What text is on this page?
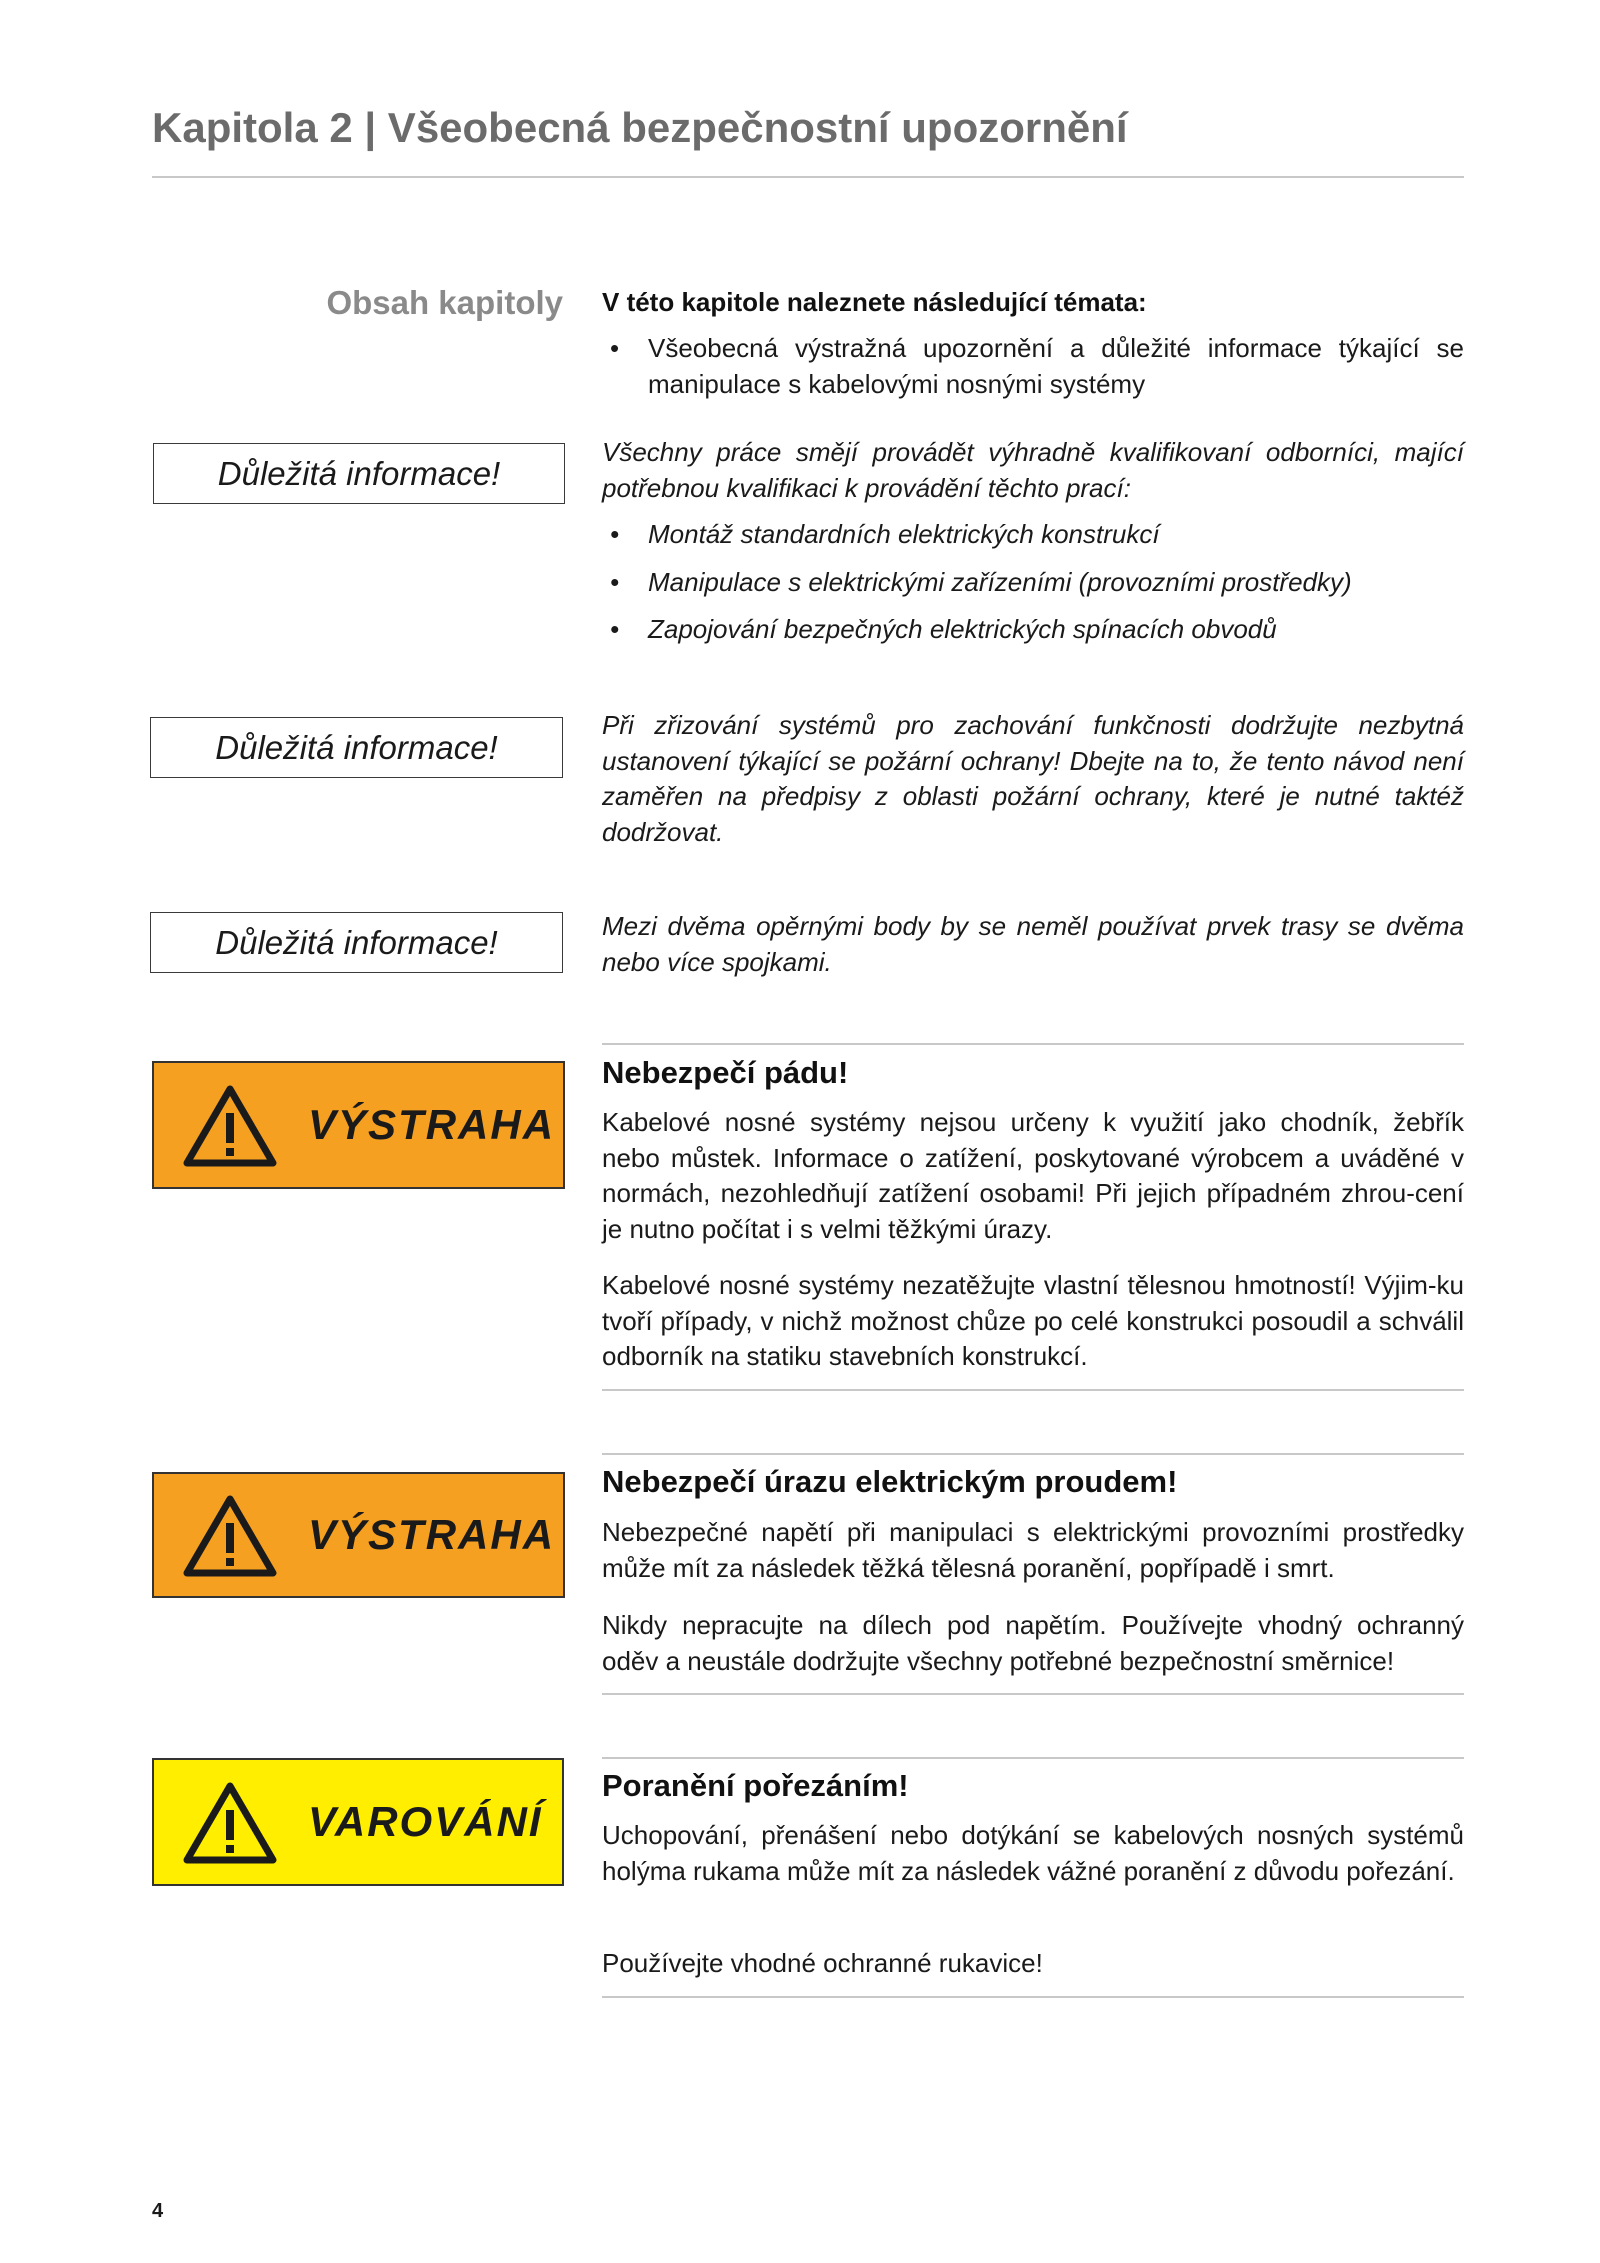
Kapitola 2 | Všeobecná bezpečnostní upozornění
Obsah kapitoly V této kapitole naleznete následující témata:
• Všeobecná výstražná upozornění a důležité informace týkající se manipulace s kabelovými nosnými systémy
Důležitá informace!
Všechny práce smějí provádět výhradně kvalifikovaní odborníci, mající potřebnou kvalifikaci k provádění těchto prací:
• Montáž standardních elektrických konstrukcí
• Manipulace s elektrickými zařízeními (provozními prostředky)
• Zapojování bezpečných elektrických spínacích obvodů
Důležitá informace!
Při zřizování systémů pro zachování funkčnosti dodržujte nezbytná ustanovení týkající se požární ochrany! Dbejte na to, že tento návod není zaměřen na předpisy z oblasti požární ochrany, které je nutné taktéž dodržovat.
Důležitá informace!	Mezi dvěma opěrnými body by se neměl používat prvek trasy se dvěma nebo více spojkami.
VÝSTRAHA
Nebezpečí pádu!
Kabelové nosné systémy nejsou určeny k využití jako chodník, žebřík nebo můstek. Informace o zatížení, poskytované výrobcem a uváděné v normách, nezohledňují zatížení osobami! Při jejich případném zhrou-cení je nutno počítat i s velmi těžkými úrazy.
Kabelové nosné systémy nezatěžujte vlastní tělesnou hmotností! Výjim-ku tvoří případy, v nichž možnost chůze po celé konstrukci posoudil a schválil odborník na statiku stavebních konstrukcí.
VÝSTRAHA
Nebezpečí úrazu elektrickým proudem!
Nebezpečné napětí při manipulaci s elektrickými provozními prostředky může mít za následek těžká tělesná poranění, popřípadě i smrt.
Nikdy nepracujte na dílech pod napětím. Používejte vhodný ochranný oděv a neustále dodržujte všechny potřebné bezpečnostní směrnice!
VAROVÁNÍ
Poranění pořezáním!
Uchopování, přenášení nebo dotýkání se kabelových nosných systémů holýma rukama může mít za následek vážné poranění z důvodu pořezání.
Používejte vhodné ochranné rukavice!
4
